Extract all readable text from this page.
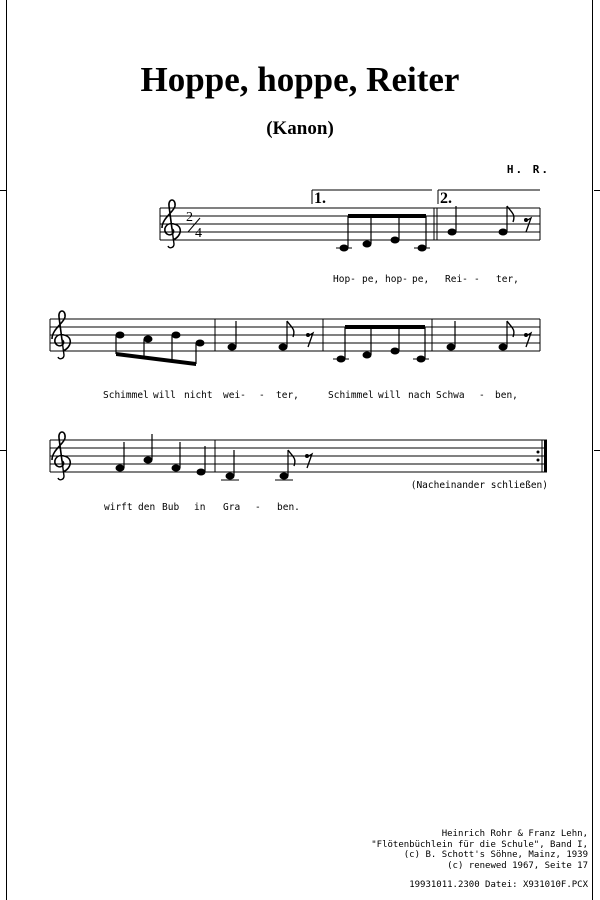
Hoppe, hoppe, Reiter
(Kanon)
H. R.
2
4
1.	2.
Hop- pe, hop- pe, Rei- - ter,
Schimmel will nicht wei- - ter,	Schimmel will nach Schwa - ben,
(Nacheinander schließen)
wirft den Bub in Gra - ben.
Heinrich Rohr & Franz Lehn,
"Flötenbüchlein für die Schule", Band I,
(c) B. Schott's Söhne, Mainz, 1939
(c) renewed 1967, Seite 17
19931011.2300 Datei: X931010F.PCX
